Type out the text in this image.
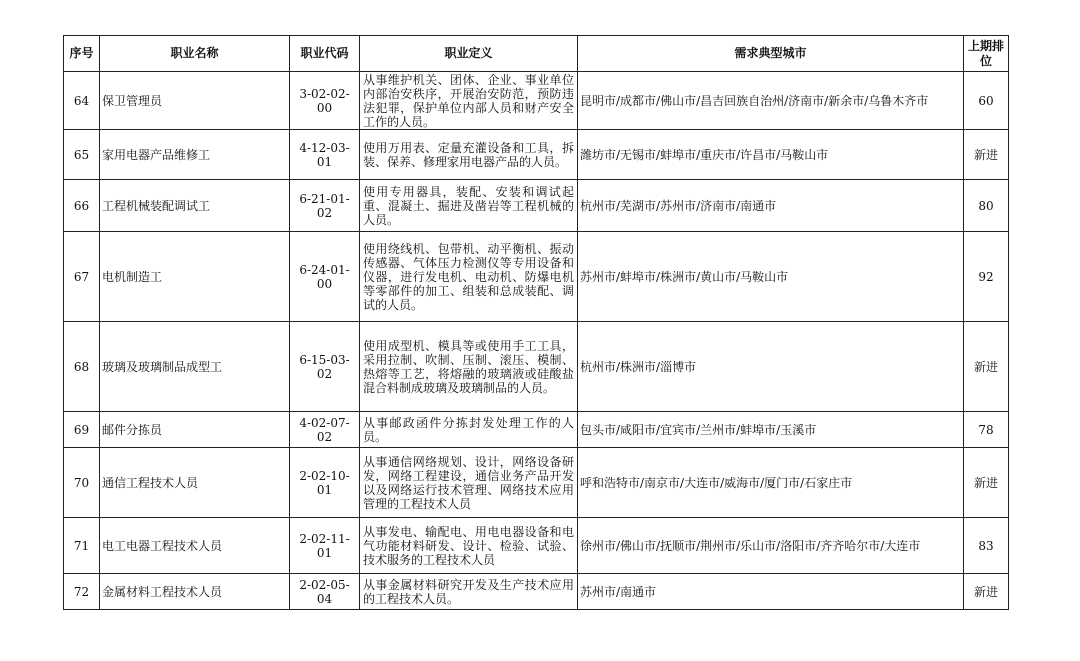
序号	职业名称	职业代码	职业定义	需求典型城市	上期排位
64	保卫管理员	3-02-02-00	从事维护机关、团体、企业、事业单位内部治安秩序，开展治安防范，预防违法犯罪，保护单位内部人员和财产安全工作的人员。	昆明市/成都市/佛山市/昌吉回族自治州/济南市/新余市/乌鲁木齐市	60
65	家用电器产品维修工	4-12-03-01	使用万用表、定量充灌设备和工具，拆装、保养、修理家用电器产品的人员。	潍坊市/无锡市/蚌埠市/重庆市/许昌市/马鞍山市	新进
66	工程机械装配调试工	6-21-01-02	使用专用器具，装配、安装和调试起重、混凝土、掘进及凿岩等工程机械的人员。	杭州市/芜湖市/苏州市/济南市/南通市	80
67	电机制造工	6-24-01-00	使用绕线机、包带机、动平衡机、振动传感器、气体压力检测仪等专用设备和仪器，进行发电机、电动机、防爆电机等零部件的加工、组装和总成装配、调试的人员。	苏州市/蚌埠市/株洲市/黄山市/马鞍山市	92
68	玻璃及玻璃制品成型工	6-15-03-02	使用成型机、模具等或使用手工工具，采用拉制、吹制、压制、滚压、模制、热熔等工艺，将熔融的玻璃液或硅酸盐混合料制成玻璃及玻璃制品的人员。	杭州市/株洲市/淄博市	新进
69	邮件分拣员	4-02-07-02	从事邮政函件分拣封发处理工作的人员。	包头市/咸阳市/宜宾市/兰州市/蚌埠市/玉溪市	78
70	通信工程技术人员	2-02-10-01	从事通信网络规划、设计，网络设备研发，网络工程建设，通信业务产品开发以及网络运行技术管理、网络技术应用管理的工程技术人员	呼和浩特市/南京市/大连市/威海市/厦门市/石家庄市	新进
71	电工电器工程技术人员	2-02-11-01	从事发电、输配电、用电电器设备和电气功能材料研发、设计、检验、试验、技术服务的工程技术人员	徐州市/佛山市/抚顺市/荆州市/乐山市/洛阳市/齐齐哈尔市/大连市	83
72	金属材料工程技术人员	2-02-05-04	从事金属材料研究开发及生产技术应用的工程技术人员。	苏州市/南通市	新进
